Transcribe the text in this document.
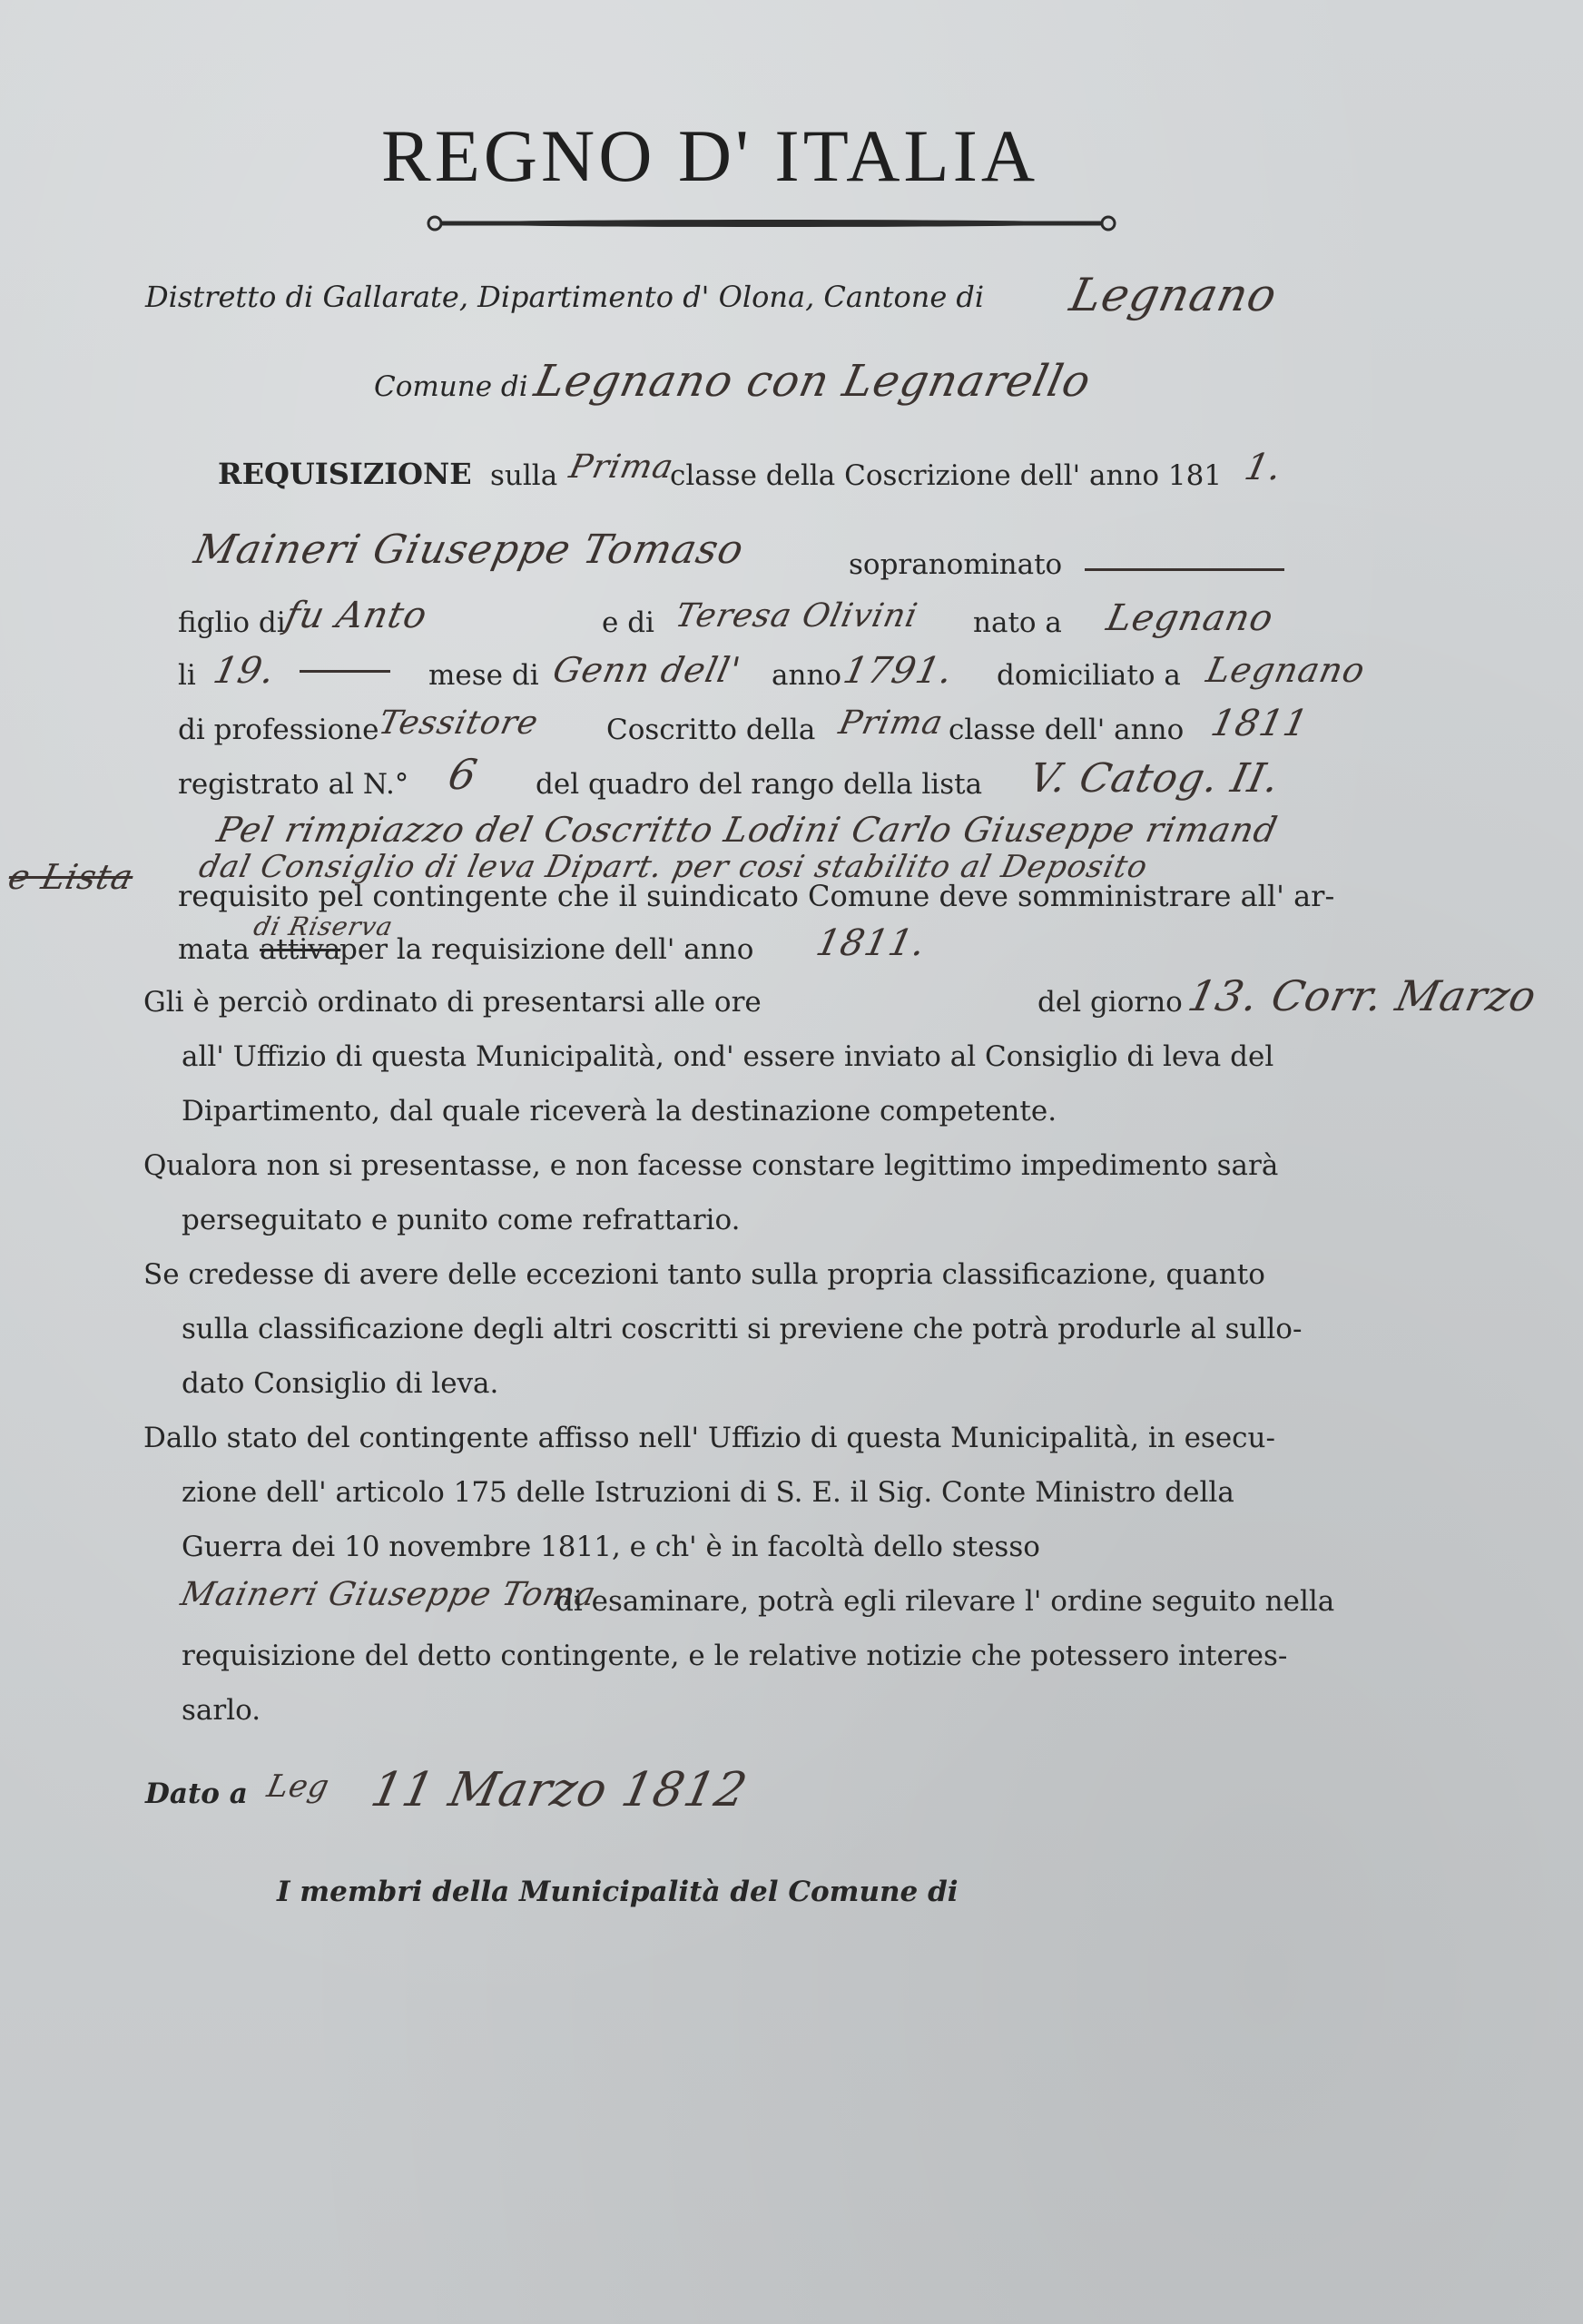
REGNO D' ITALIA
Distretto di Gallarate, Dipartimento d' Olona, Cantone di Legnano
Comune di Legnano con Legnarello
REQUISIZIONE sulla Prima
classe della Coscrizione dell' anno 181 1.
Maineri Giuseppe Tomaso	sopranominato
figlio di
fu Anto	e di Teresa Olivini nato a Legnano
li 19.	mese di Genn dell' anno
1791. domiciliato a Legnano
di professione
Tessitore Coscritto della Prima classe dell' anno 1811
registrato al N.° 6 del quadro del rango della lista V. Catog. II.
Pel rimpiazzo del Coscritto Lodini Carlo Giuseppe rimand
dal Consiglio di leva Dipart. per cosi stabilito al Deposito
e Lista requisito pel contingente che il suindicato Comune deve somministrare all' ar-
di Riserva
mata attiva
per la requisizione dell' anno 1811.
Gli è perciò ordinato di presentarsi alle ore	del giorno 13. Corr. Marzo
all' Uffizio di questa Municipalità, ond' essere inviato al Consiglio di leva del
Dipartimento, dal quale riceverà la destinazione competente.
Qualora non si presentasse, e non facesse constare legittimo impedimento sarà
perseguitato e punito come refrattario.
Se credesse di avere delle eccezioni tanto sulla propria classificazione, quanto
sulla classificazione degli altri coscritti si previene che potrà produrle al sullo-
dato Consiglio di leva.
Dallo stato del contingente affisso nell' Uffizio di questa Municipalità, in esecu-
zione dell' articolo 175 delle Istruzioni di S. E. il Sig. Conte Ministro della
Guerra dei 10 novembre 1811, e ch' è in facoltà dello stesso
Maineri Giuseppe Toma
di esaminare, potrà egli rilevare l' ordine seguito nella
requisizione del detto contingente, e le relative notizie che potessero interes-
sarlo.
Dato a Leg 11 Marzo 1812
I membri della Municipalità del Comune di
